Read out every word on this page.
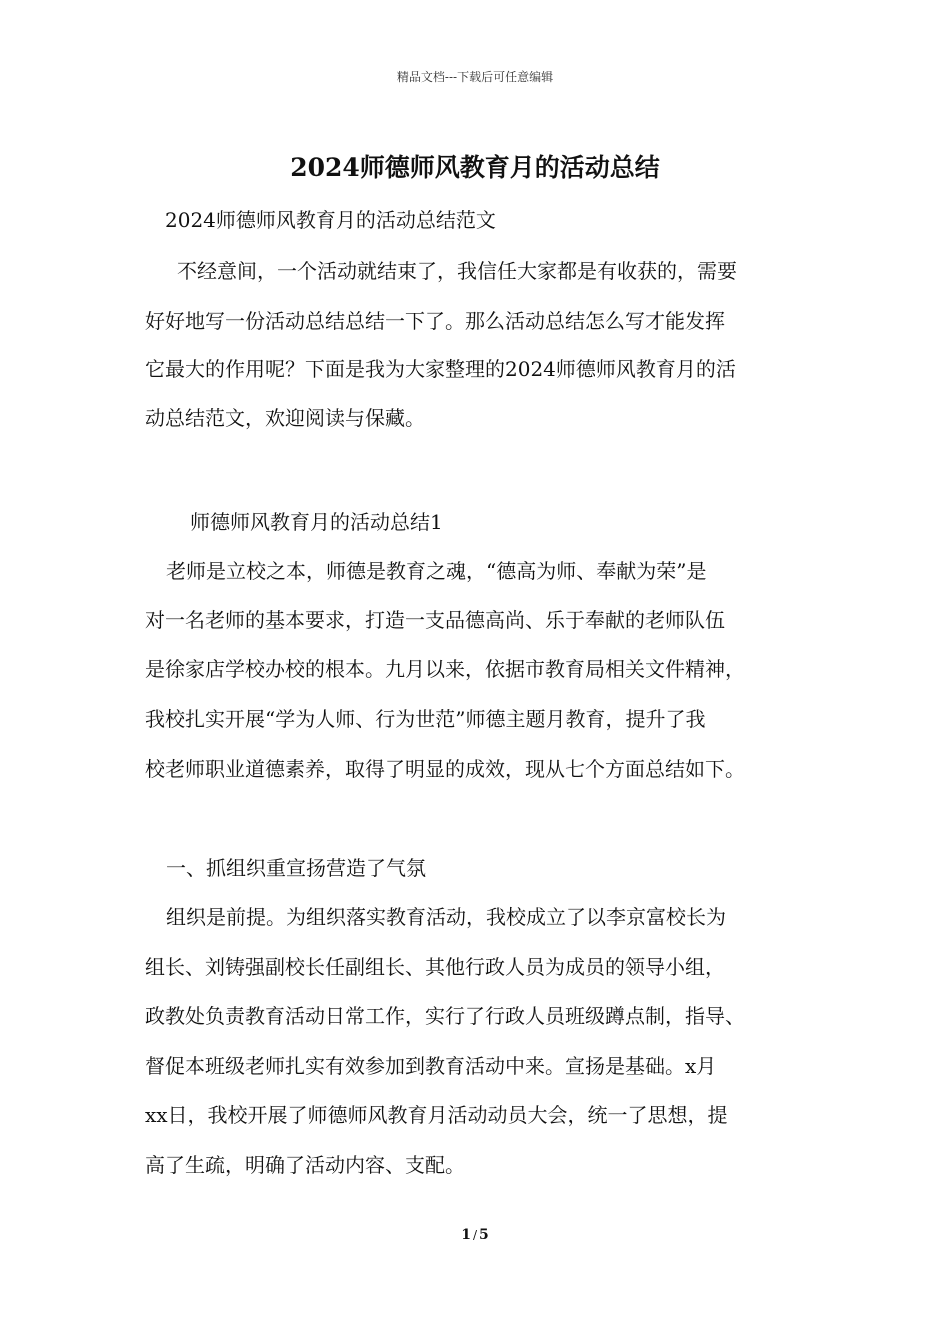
精品文档---下载后可任意编辑
2024师德师风教育月的活动总结

2024师德师风教育月的活动总结范文

不经意间，一个活动就结束了，我信任大家都是有收获的，需要

好好地写一份活动总结总结一下了。那么活动总结怎么写才能发挥

它最大的作用呢？下面是我为大家整理的2024师德师风教育月的活

动总结范文，欢迎阅读与保藏。

师德师风教育月的活动总结1

老师是立校之本，师德是教育之魂，“德高为师、奉献为荣”是

对一名老师的基本要求，打造一支品德高尚、乐于奉献的老师队伍

是徐家店学校办校的根本。九月以来，依据市教育局相关文件精神，

我校扎实开展“学为人师、行为世范”师德主题月教育，提升了我

校老师职业道德素养，取得了明显的成效，现从七个方面总结如下。

一、抓组织重宣扬营造了气氛

组织是前提。为组织落实教育活动，我校成立了以李京富校长为

组长、刘铸强副校长任副组长、其他行政人员为成员的领导小组，

政教处负责教育活动日常工作，实行了行政人员班级蹲点制，指导、

督促本班级老师扎实有效参加到教育活动中来。宣扬是基础。x月

xx日，我校开展了师德师风教育月活动动员大会，统一了思想，提

高了生疏，明确了活动内容、支配。

1 / 5
